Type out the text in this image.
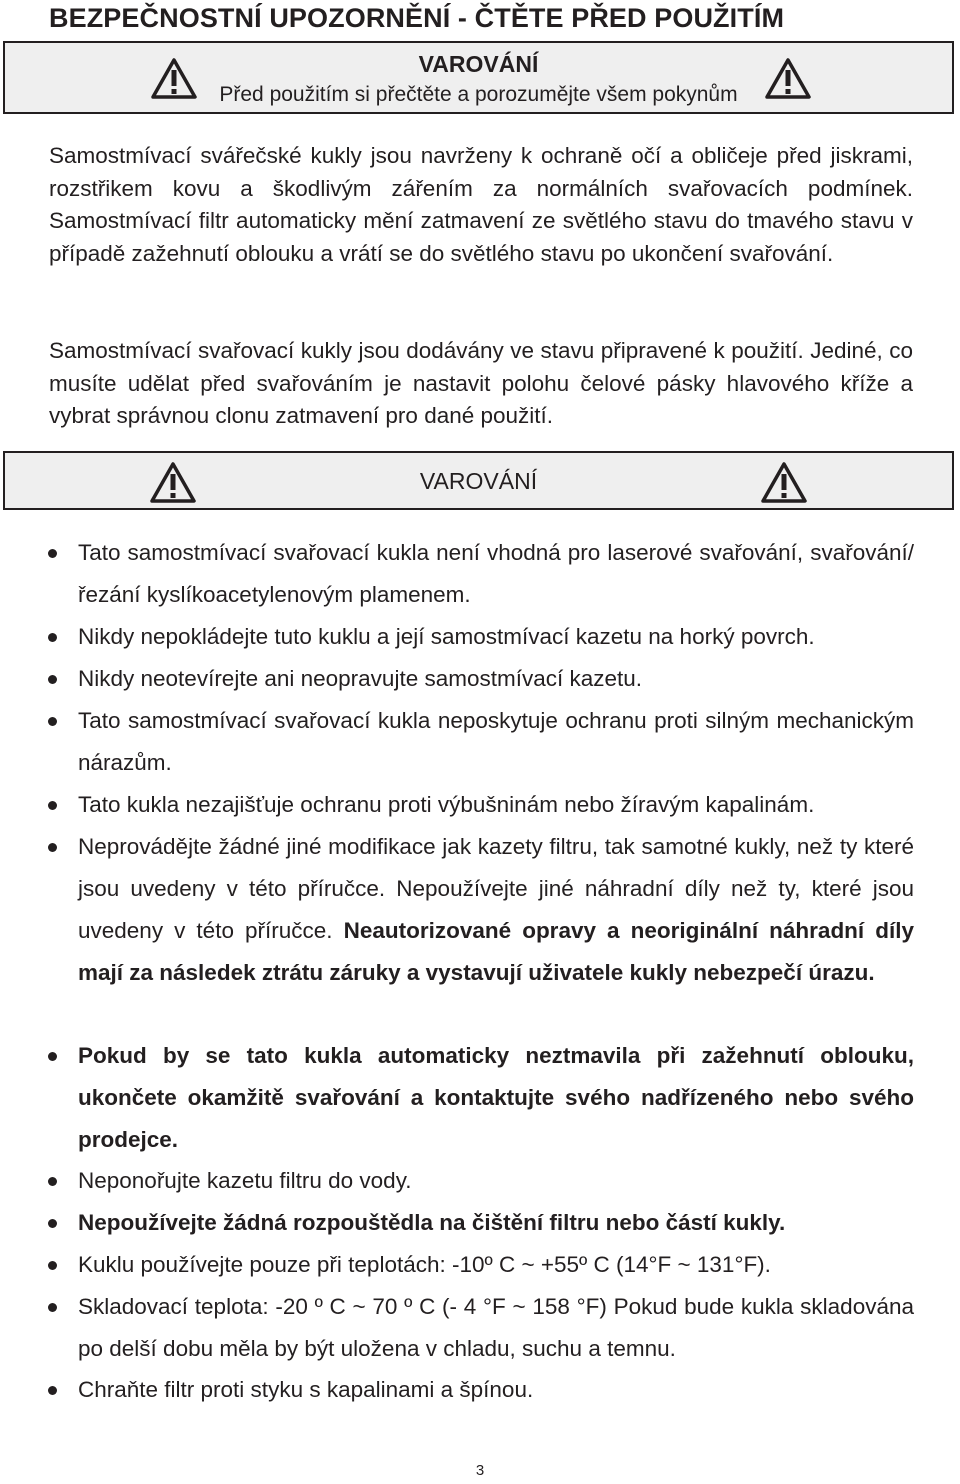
BEZPEČNOSTNÍ UPOZORNĚNÍ - ČTĚTE PŘED POUŽITÍM
VAROVÁNÍ
Před použitím si přečtěte a porozumějte všem pokynům

Samostmívací svářečské kukly jsou navrženy k ochraně očí a obličeje před jiskrami, rozstřikem kovu a škodlivým zářením za normálních svařovacích podmínek. Samostmívací filtr automaticky mění zatmavení ze světlého stavu do tmavého stavu v případě zažehnutí oblouku a vrátí se do světlého stavu po ukončení svařování.

Samostmívací svařovací kukly jsou dodávány ve stavu připravené k použití. Jediné, co musíte udělat před svařováním je nastavit polohu čelové pásky hlavového kříže a vybrat správnou clonu zatmavení pro dané použití.

VAROVÁNÍ

Tato samostmívací svařovací kukla není vhodná pro laserové svařování, svařování/řezání kyslíkoacetylenovým plamenem.

Nikdy nepokládejte tuto kuklu a její samostmívací kazetu na horký povrch.

Nikdy neotevírejte ani neopravujte samostmívací kazetu.

Tato samostmívací svařovací kukla neposkytuje ochranu proti silným mechanickým nárazům.

Tato kukla nezajišťuje ochranu proti výbušninám nebo žíravým kapalinám.

Neprovádějte žádné jiné modifikace jak kazety filtru, tak samotné kukly, než ty které jsou uvedeny v této příručce. Nepoužívejte jiné náhradní díly než ty, které jsou uvedeny v této příručce. Neautorizované opravy a neoriginální náhradní díly mají za následek ztrátu záruky a vystavují uživatele kukly nebezpečí úrazu.

Pokud by se tato kukla automaticky neztmavila při zažehnutí oblouku, ukončete okamžitě svařování a kontaktujte svého nadřízeného nebo svého prodejce.

Neponořujte kazetu filtru do vody.

Nepoužívejte žádná rozpouštědla na čištění filtru nebo částí kukly.

Kuklu používejte pouze při teplotách: -10º C ~ +55º C (14°F ~ 131°F).

Skladovací teplota: -20 º C ~ 70 º C (- 4 °F ~ 158 °F) Pokud bude kukla skladována po delší dobu měla by být uložena v chladu, suchu a temnu.

Chraňte filtr proti styku s kapalinami a špínou.

3
